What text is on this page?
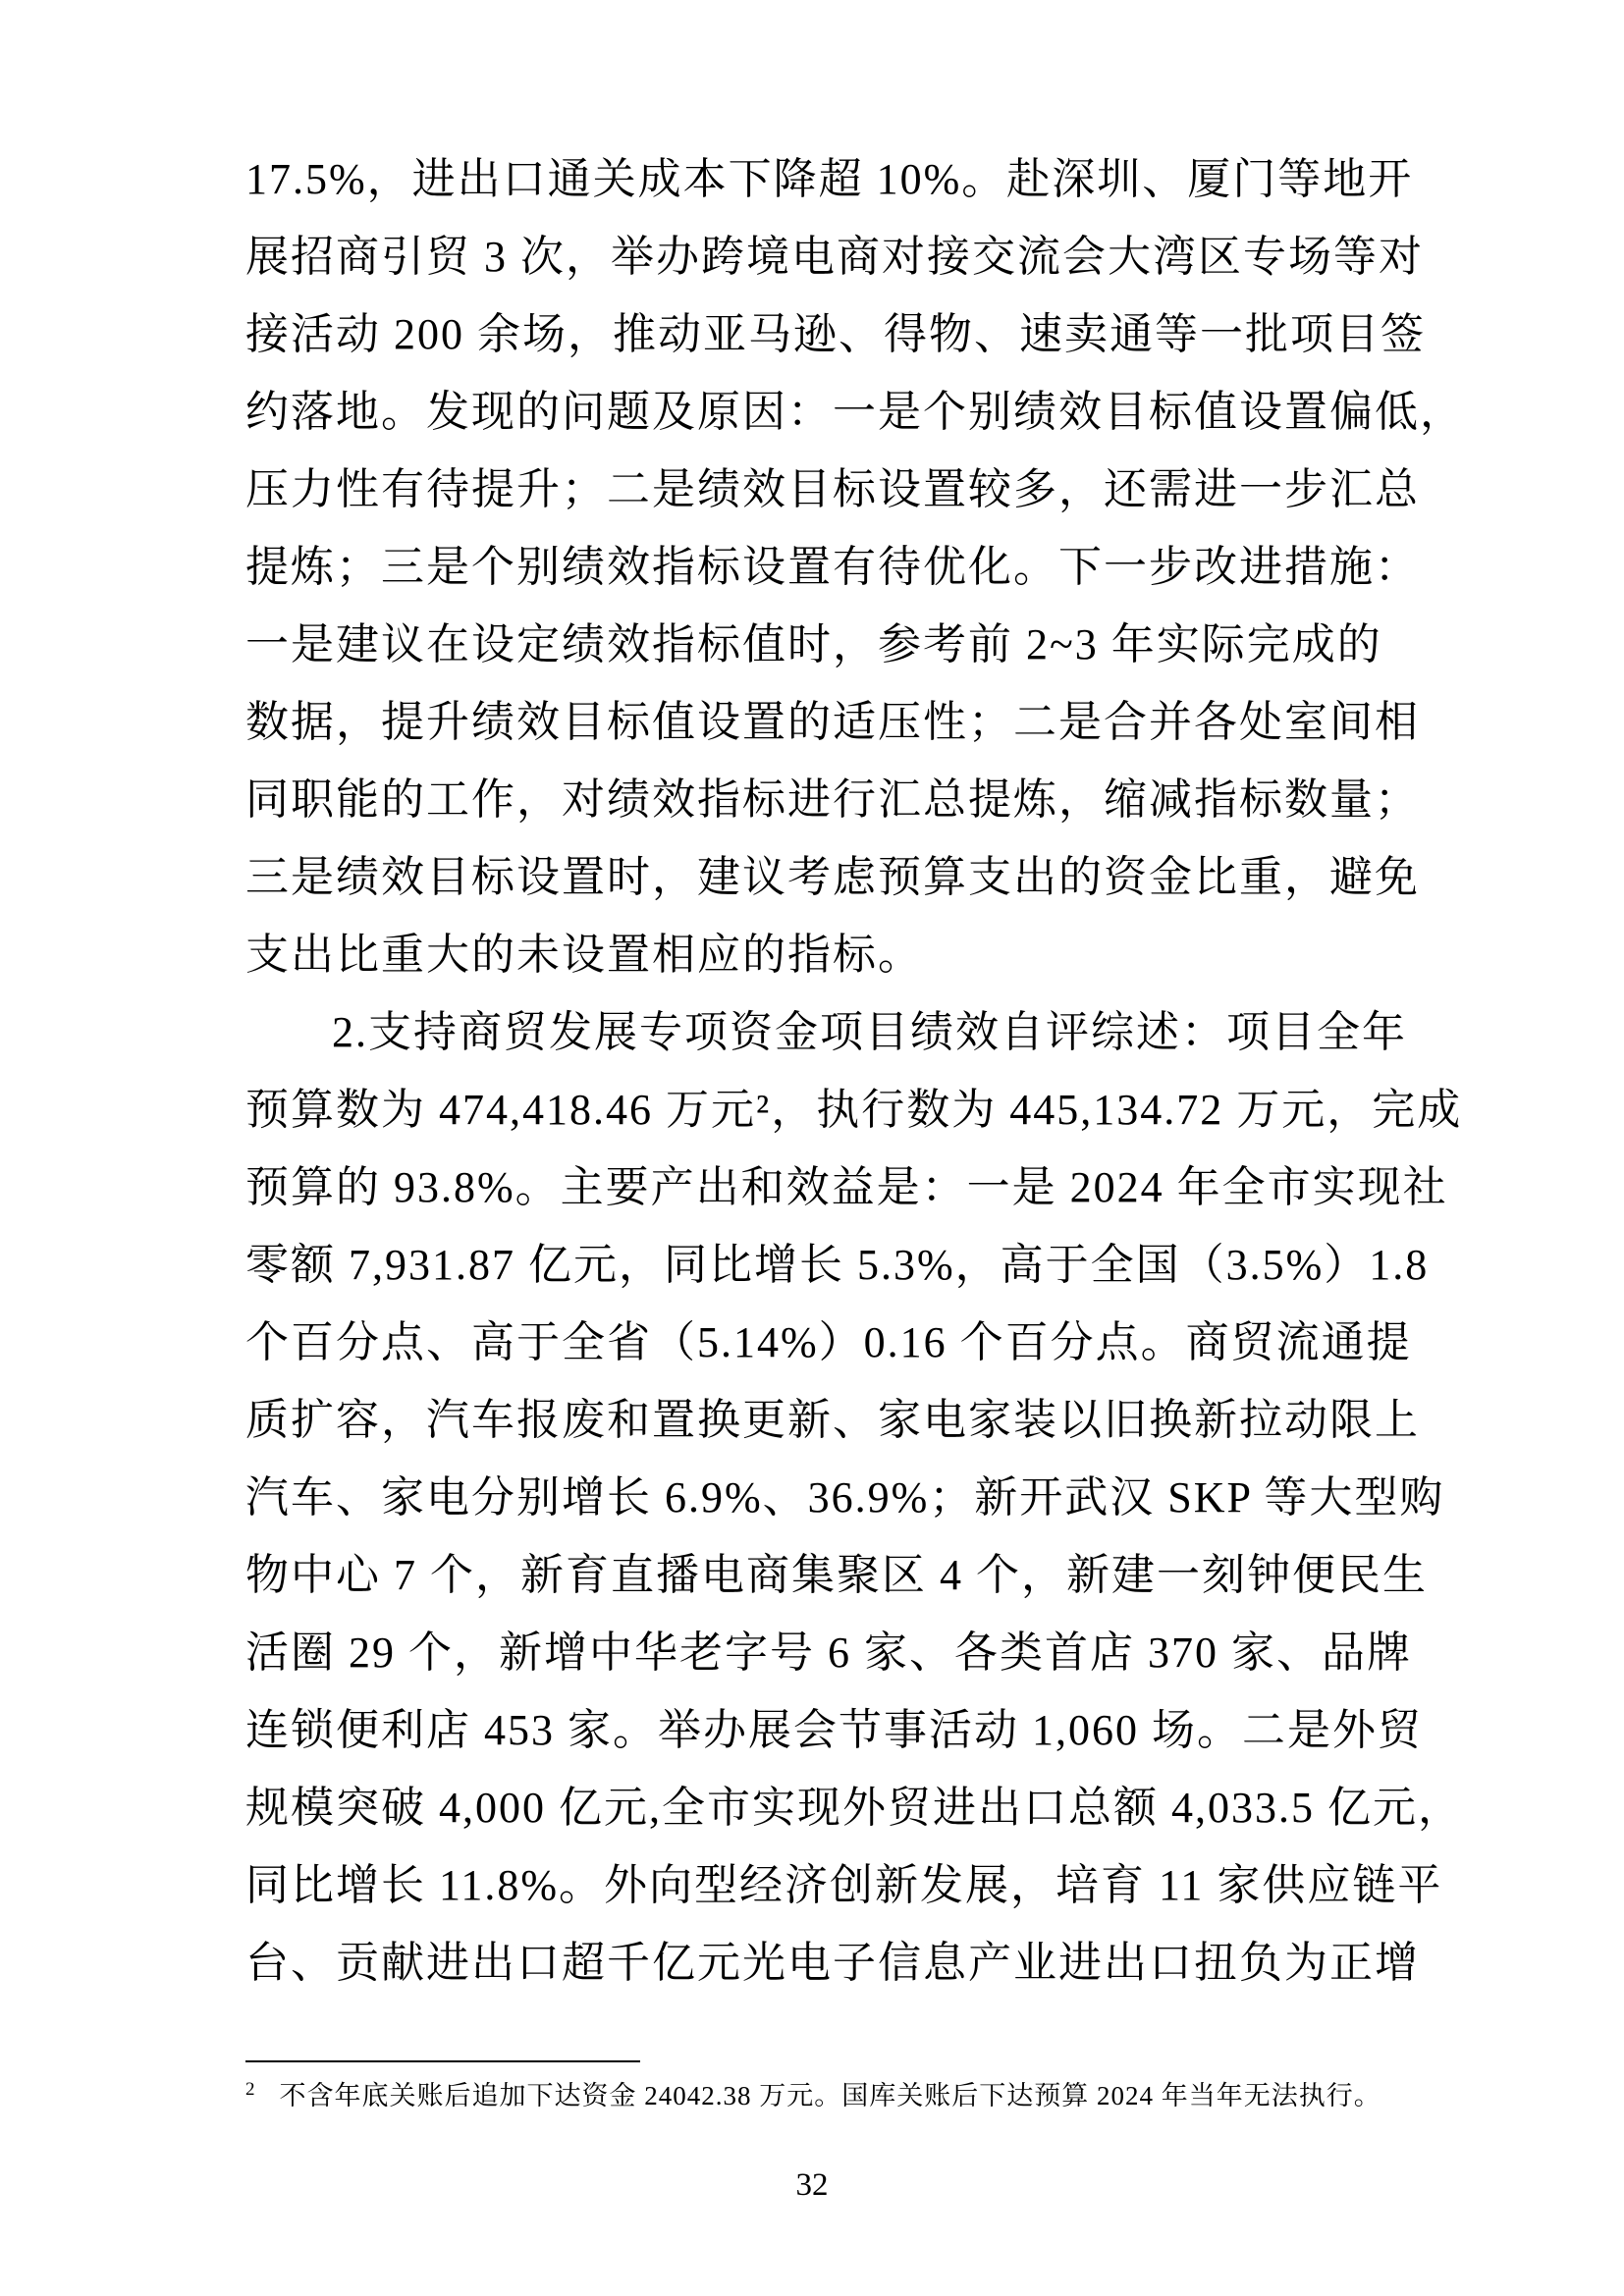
17.5%，进出口通关成本下降超 10%。赴深圳、厦门等地开
展招商引贸 3 次，举办跨境电商对接交流会大湾区专场等对
接活动 200 余场，推动亚马逊、得物、速卖通等一批项目签
约落地。发现的问题及原因：一是个别绩效目标值设置偏低，
压力性有待提升；二是绩效目标设置较多，还需进一步汇总
提炼；三是个别绩效指标设置有待优化。下一步改进措施：
一是建议在设定绩效指标值时，参考前 2~3 年实际完成的
数据，提升绩效目标值设置的适压性；二是合并各处室间相
同职能的工作，对绩效指标进行汇总提炼，缩减指标数量；
三是绩效目标设置时，建议考虑预算支出的资金比重，避免
支出比重大的未设置相应的指标。
2.支持商贸发展专项资金项目绩效自评综述：项目全年
预算数为 474,418.46 万元²，执行数为 445,134.72 万元，完成
预算的 93.8%。主要产出和效益是：一是 2024 年全市实现社
零额 7,931.87 亿元，同比增长 5.3%，高于全国（3.5%）1.8
个百分点、高于全省（5.14%）0.16 个百分点。商贸流通提
质扩容，汽车报废和置换更新、家电家装以旧换新拉动限上
汽车、家电分别增长 6.9%、36.9%；新开武汉 SKP 等大型购
物中心 7 个，新育直播电商集聚区 4 个，新建一刻钟便民生
活圈 29 个，新增中华老字号 6 家、各类首店 370 家、品牌
连锁便利店 453 家。举办展会节事活动 1,060 场。二是外贸
规模突破 4,000 亿元,全市实现外贸进出口总额 4,033.5 亿元，
同比增长 11.8%。外向型经济创新发展，培育 11 家供应链平
台、贡献进出口超千亿元光电子信息产业进出口扭负为正增
$^2$ 不含年底关账后追加下达资金 24042.38 万元。国库关账后下达预算 2024 年当年无法执行。
32
